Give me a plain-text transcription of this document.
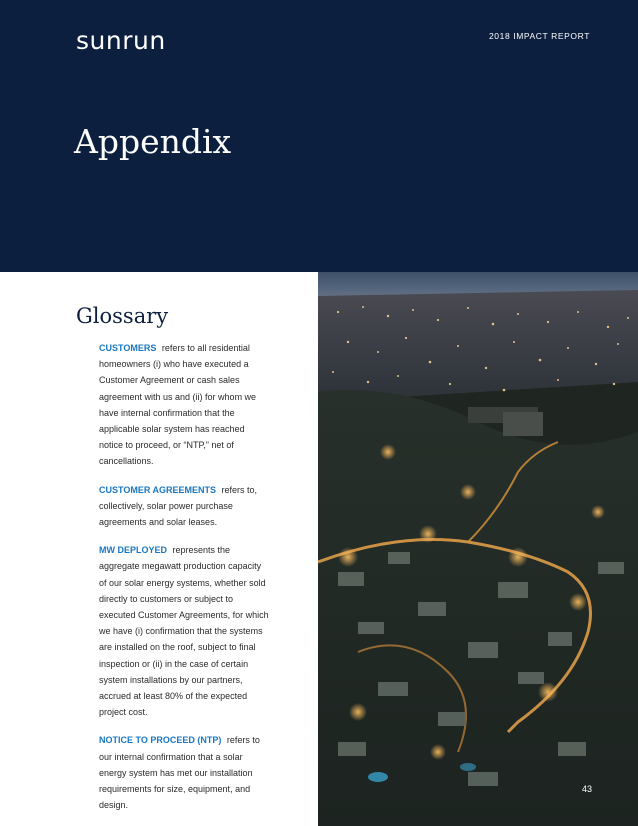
sunrun	2018 IMPACT REPORT
Appendix
Glossary

CUSTOMERS refers to all residential homeowners (i) who have executed a Customer Agreement or cash sales agreement with us and (ii) for whom we have internal confirmation that the applicable solar system has reached notice to proceed, or “NTP,” net of cancellations.

CUSTOMER AGREEMENTS refers to, collectively, solar power purchase agreements and solar leases.

MW DEPLOYED represents the aggregate megawatt production capacity of our solar energy systems, whether sold directly to customers or subject to executed Customer Agreements, for which we have (i) confirmation that the systems are installed on the roof, subject to final inspection or (ii) in the case of certain system installations by our partners, accrued at least 80% of the expected project cost.

NOTICE TO PROCEED (NTP) refers to our internal confirmation that a solar energy system has met our installation requirements for size, equipment, and design.

43
